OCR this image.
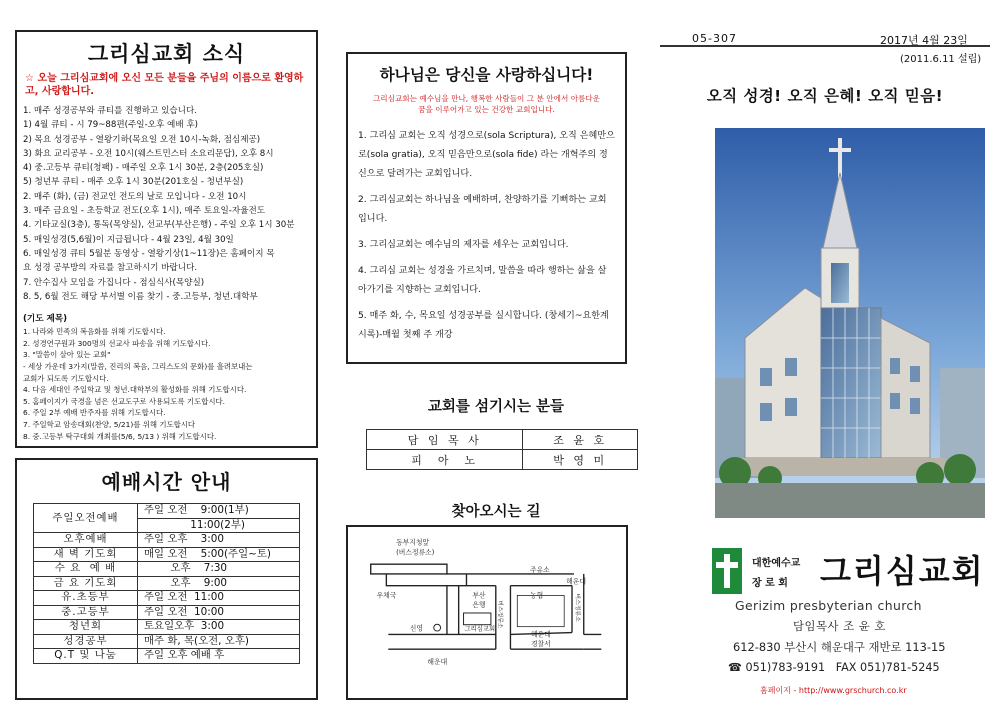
그리심교회 소식
☆ 오늘 그리심교회에 오신 모든 분들을 주님의 이름으로 환영하고, 사랑합니다.
1. 매주 성경공부와 큐티를 진행하고 있습니다.
1) 4월 큐티 - 시 79~88편(주일-오후 예배 후)
2) 목요 성경공부 - 열왕기하(목요일 오전 10시-녹화, 점심제공)
3) 화요 교리공부 - 오전 10시(웨스트민스터 소요리문답), 오후 8시
4) 중.고등부 큐티(청팩) - 매주일 오후 1시 30분, 2층(205호실)
5) 청년부 큐티 - 매주 오후 1시 30분(201호실 - 청년부실)
2. 매주 (화), (금) 전교인 전도의 날로 모입니다 - 오전 10시
3. 매주 금요일 - 초등학교 전도(오후 1시), 매주 토요일-자율전도
4. 기타교실(3층), 통독(목양실), 선교부(부산은행) - 주일 오후 1시 30분
5. 매일성경(5,6월)이 지급됩니다 - 4월 23일, 4월 30일
6. 매일성경 큐티 5월분 동영상 - 열왕기상(1~11장)은 홈페이지 목
요 성경 공부방의 자료를 참고하시기 바랍니다.
7. 안수집사 모임을 가집니다 - 점심식사(목양실)
8. 5, 6월 전도 해당 부서별 이름 찾기 - 중.고등부, 청년.대학부
(기도 제목)
1. 나라와 민족의 복음화를 위해 기도합시다.
2. 성경연구원과 300명의 선교사 파송을 위해 기도합시다.
3. "말씀이 살아 있는 교회"
- 세상 가운데 3가지(말씀, 진리의 복음, 그리스도의 문화)를 흘려보내는
교회가 되도록 기도합시다.
4. 다음 세대인 주일학교 및 청년.대학부의 활성화를 위해 기도합시다.
5. 홈페이지가 국경을 넘은 선교도구로 사용되도록 기도합시다.
6. 주일 2부 예배 반주자를 위해 기도합시다.
7. 주일학교 암송대회(찬양, 5/21)를 위해 기도합시다
8. 중.고등부 탁구대회 개최를(5/6, 5/13 ) 위해 기도합시다.
예배시간 안내
주일오전예배	주일 오전    9:00(1부)
	11:00(2부)
오후예배	주일 오후    3:00
새 벽 기도회	매일 오전    5:00(주일~토)
수 요  예 배	오후    7:30
금 요 기도회	오후    9:00
유.초등부	주일 오전  11:00
중.고등부	주일 오전  10:00
청년회	토요일오후  3:00
성경공부	매주 화, 목(오전, 오후)
Q.T 및 나눔	주일 오후 예배 후
하나님은 당신을 사랑하십니다!
그리심교회는 예수님을 만나, 행복한 사람들이 그 분 안에서 아름다운
꿈을 이루어가고 있는 건강한 교회입니다.

1. 그리심 교회는 오직 성경으로(sola Scriptura), 오직 은혜만으로(sola gratia), 오직 믿음만으로(sola fide) 라는 개혁주의 정신으로 달려가는 교회입니다.

2. 그리심교회는 하나님을 예배하며, 찬양하기를 기뻐하는 교회입니다.

3. 그리심교회는 예수님의 제자를 세우는 교회입니다.

4. 그리심 교회는 성경을 가르치며, 말씀을 따라 행하는 삶을 살아가기를 지향하는 교회입니다.

5. 매주 화, 수, 목요일 성경공부를 실시합니다. (창세기~요한계시록)-매월 첫째 주 개강

교회를 섬기시는 분들
담 임 목 사	조 윤 호
피  아  노	박 영 미
찾아오시는 길
동부지청앞
(버스정류소)
우체국	부산
은행
주유소
해운대
농협
해운대
경찰서
그리심교회
신영
해운대
버스정류소	버스정류소
05-307	2017년 4월 23일
(2011.6.11 설립)
오직 성경! 오직 은혜! 오직 믿음!
대한예수교
장 로 회	그리심교회
Gerizim presbyterian church
담임목사 조 윤 호
612-830 부산시 해운대구 재반로 113-15
☎ 051)783-9191   FAX 051)781-5245
홈페이지 - http://www.grschurch.co.kr
